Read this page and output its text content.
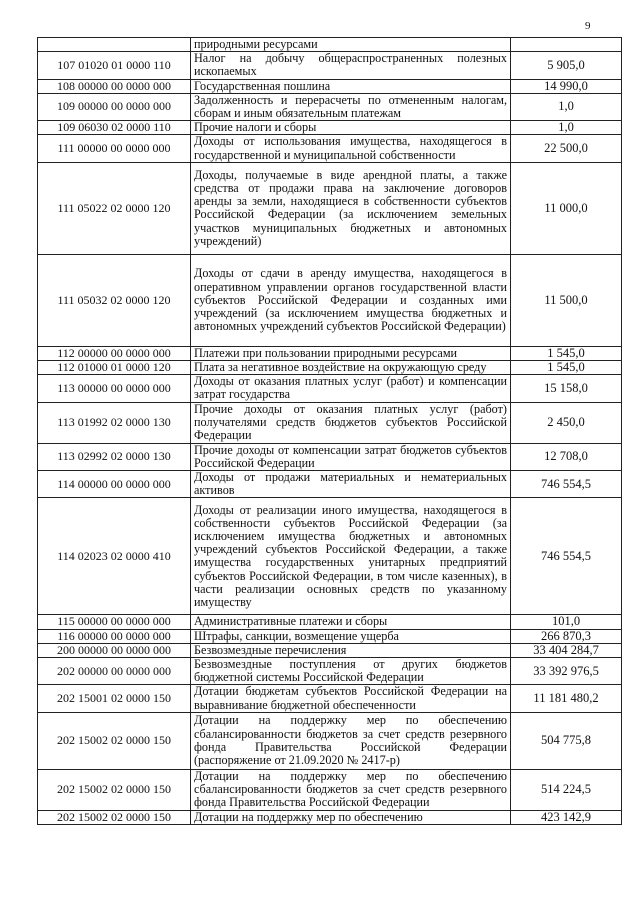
9
	природными ресурсами	
107 01020 01 0000 110	Налог на добычу общераспространенных полезных ископаемых	5 905,0
108 00000 00 0000 000	Государственная пошлина	14 990,0
109 00000 00 0000 000	Задолженность и перерасчеты по отмененным налогам, сборам и иным обязательным платежам	1,0
109 06030 02 0000 110	Прочие налоги и сборы	1,0
111 00000 00 0000 000	Доходы от использования имущества, находящегося в государственной и муниципальной собственности	22 500,0
111 05022 02 0000 120	Доходы, получаемые в виде арендной платы, а также средства от продажи права на заключение договоров аренды за земли, находящиеся в собственности субъектов Российской Федерации (за исключением земельных участков муниципальных бюджетных и автономных учреждений)	11 000,0
111 05032 02 0000 120	Доходы от сдачи в аренду имущества, находящегося в оперативном управлении органов государственной власти субъектов Российской Федерации и созданных ими учреждений (за исключением имущества бюджетных и автономных учреждений субъектов Российской Федерации)	11 500,0
112 00000 00 0000 000	Платежи при пользовании природными ресурсами	1 545,0
112 01000 01 0000 120	Плата за негативное воздействие на окружающую среду	1 545,0
113 00000 00 0000 000	Доходы от оказания платных услуг (работ) и компенсации затрат государства	15 158,0
113 01992 02 0000 130	Прочие доходы от оказания платных услуг (работ) получателями средств бюджетов субъектов Российской Федерации	2 450,0
113 02992 02 0000 130	Прочие доходы от компенсации затрат бюджетов субъектов Российской Федерации	12 708,0
114 00000 00 0000 000	Доходы от продажи материальных и нематериальных активов	746 554,5
114 02023 02 0000 410	Доходы от реализации иного имущества, находящегося в собственности субъектов Российской Федерации (за исключением имущества бюджетных и автономных учреждений субъектов Российской Федерации, а также имущества государственных унитарных предприятий субъектов Российской Федерации, в том числе казенных), в части реализации основных средств по указанному имуществу	746 554,5
115 00000 00 0000 000	Административные платежи и сборы	101,0
116 00000 00 0000 000	Штрафы, санкции, возмещение ущерба	266 870,3
200 00000 00 0000 000	Безвозмездные перечисления	33 404 284,7
202 00000 00 0000 000	Безвозмездные поступления от других бюджетов бюджетной системы Российской Федерации	33 392 976,5
202 15001 02 0000 150	Дотации бюджетам субъектов Российской Федерации на выравнивание бюджетной обеспеченности	11 181 480,2
202 15002 02 0000 150	Дотации на поддержку мер по обеспечению сбалансированности бюджетов за счет средств резервного фонда Правительства Российской Федерации (распоряжение от 21.09.2020 № 2417-р)	504 775,8
202 15002 02 0000 150	Дотации на поддержку мер по обеспечению сбалансированности бюджетов за счет средств резервного фонда Правительства Российской Федерации	514 224,5
202 15002 02 0000 150	Дотации на поддержку мер по обеспечению	423 142,9
